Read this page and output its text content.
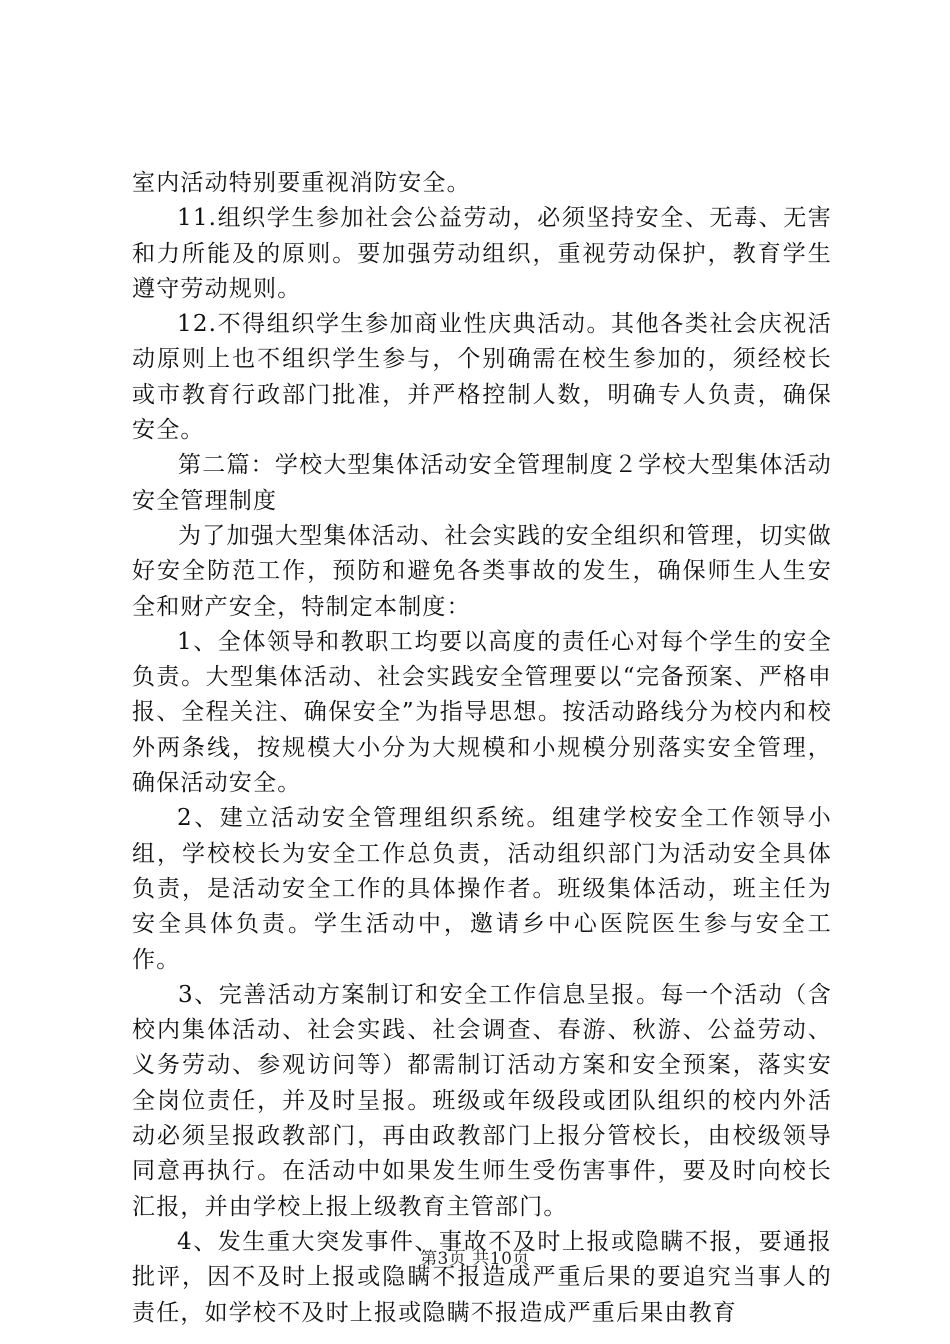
室内活动特别要重视消防安全。

11.组织学生参加社会公益劳动，必须坚持安全、无毒、无害和力所能及的原则。要加强劳动组织，重视劳动保护，教育学生遵守劳动规则。

12.不得组织学生参加商业性庆典活动。其他各类社会庆祝活动原则上也不组织学生参与，个别确需在校生参加的，须经校长或市教育行政部门批准，并严格控制人数，明确专人负责，确保安全。

第二篇：学校大型集体活动安全管理制度２学校大型集体活动安全管理制度

为了加强大型集体活动、社会实践的安全组织和管理，切实做好安全防范工作，预防和避免各类事故的发生，确保师生人生安全和财产安全，特制定本制度：

1、全体领导和教职工均要以高度的责任心对每个学生的安全负责。大型集体活动、社会实践安全管理要以“完备预案、严格申报、全程关注、确保安全”为指导思想。按活动路线分为校内和校外两条线，按规模大小分为大规模和小规模分别落实安全管理，确保活动安全。

2、建立活动安全管理组织系统。组建学校安全工作领导小组，学校校长为安全工作总负责，活动组织部门为活动安全具体负责，是活动安全工作的具体操作者。班级集体活动，班主任为安全具体负责。学生活动中，邀请乡中心医院医生参与安全工作。

3、完善活动方案制订和安全工作信息呈报。每一个活动（含校内集体活动、社会实践、社会调查、春游、秋游、公益劳动、义务劳动、参观访问等）都需制订活动方案和安全预案，落实安全岗位责任，并及时呈报。班级或年级段或团队组织的校内外活动必须呈报政教部门，再由政教部门上报分管校长，由校级领导同意再执行。在活动中如果发生师生受伤害事件，要及时向校长汇报，并由学校上报上级教育主管部门。

4、发生重大突发事件、事故不及时上报或隐瞒不报，要通报批评，因不及时上报或隐瞒不报造成严重后果的要追究当事人的责任，如学校不及时上报或隐瞒不报造成严重后果由教育

第3页 共10页
